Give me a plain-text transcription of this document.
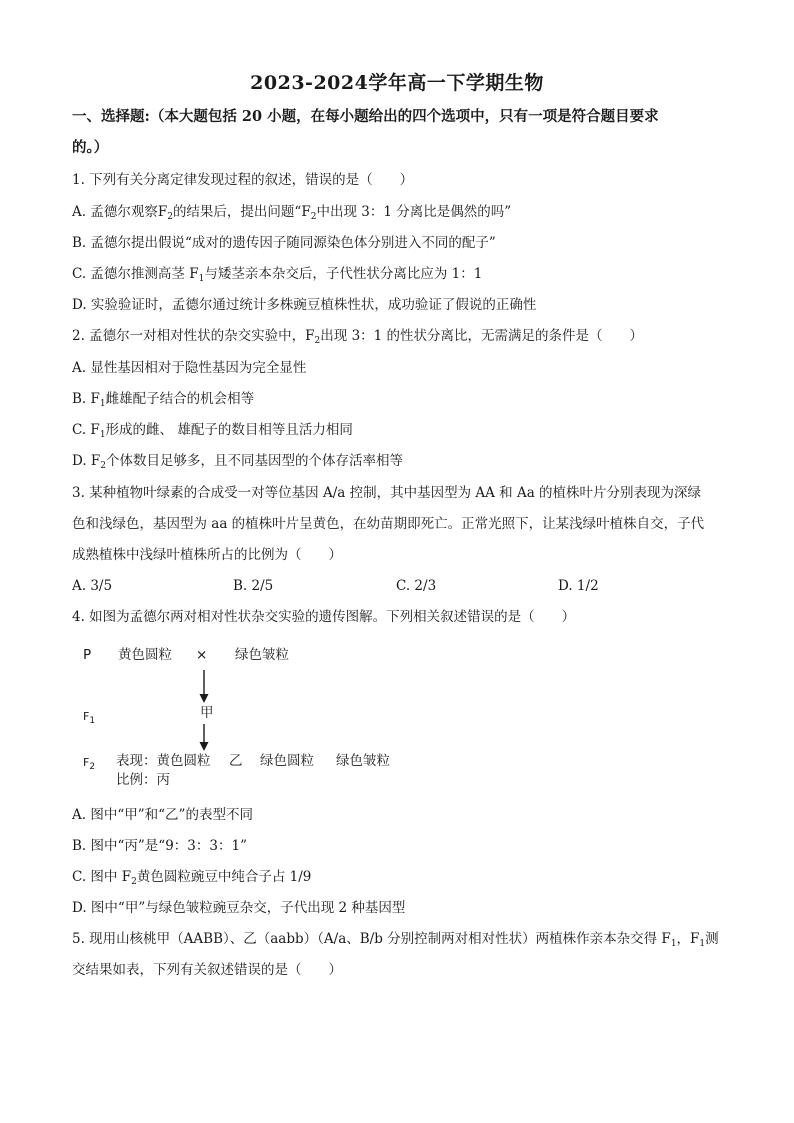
2023-2024学年高一下学期生物
一、选择题:（本大题包括 20 小题，在每小题给出的四个选项中，只有一项是符合题目要求
的。）
1. 下列有关分离定律发现过程的叙述，错误的是（　　）
A. 孟德尔观察$F_2$的结果后，提出问题“$F_2$中出现 3：1 分离比是偶然的吗”
B. 孟德尔提出假说“成对的遗传因子随同源染色体分别进入不同的配子”
C. 孟德尔推测高茎 $F_1$与矮茎亲本杂交后，子代性状分离比应为 1：1
D. 实验验证时，孟德尔通过统计多株豌豆植株性状，成功验证了假说的正确性
2. 孟德尔一对相对性状的杂交实验中，$F_2$出现 3：1 的性状分离比，无需满足的条件是（　　）
A. 显性基因相对于隐性基因为完全显性
B. $F_1$雌雄配子结合的机会相等
C. $F_1$形成的雌、 雄配子的数目相等且活力相同
D. $F_2$个体数目足够多，且不同基因型的个体存活率相等
3. 某种植物叶绿素的合成受一对等位基因 A/a 控制，其中基因型为 AA 和 Aa 的植株叶片分别表现为深绿
色和浅绿色，基因型为 aa 的植株叶片呈黄色，在幼苗期即死亡。正常光照下，让某浅绿叶植株自交，子代
成熟植株中浅绿叶植株所占的比例为（　　）
A. 3/5	B. 2/5	C. 2/3	D. 1/2
4. 如图为孟德尔两对相对性状杂交实验的遗传图解。下列相关叙述错误的是（　　）
P 黄色圆粒 × 绿色皱粒
$F_1$	甲
$F_2$ 表现：黄色圆粒 乙 绿色圆粒 绿色皱粒
比例：丙
A. 图中“甲”和“乙”的表型不同
B. 图中“丙”是“9：3：3：1”
C. 图中 $F_2$黄色圆粒豌豆中纯合子占 1/9
D. 图中“甲”与绿色皱粒豌豆杂交，子代出现 2 种基因型
5. 现用山核桃甲（AABB）、乙（aabb）（A/a、B/b 分别控制两对相对性状）两植株作亲本杂交得 $F_1$，$F_1$测
交结果如表，下列有关叙述错误的是（　　）
